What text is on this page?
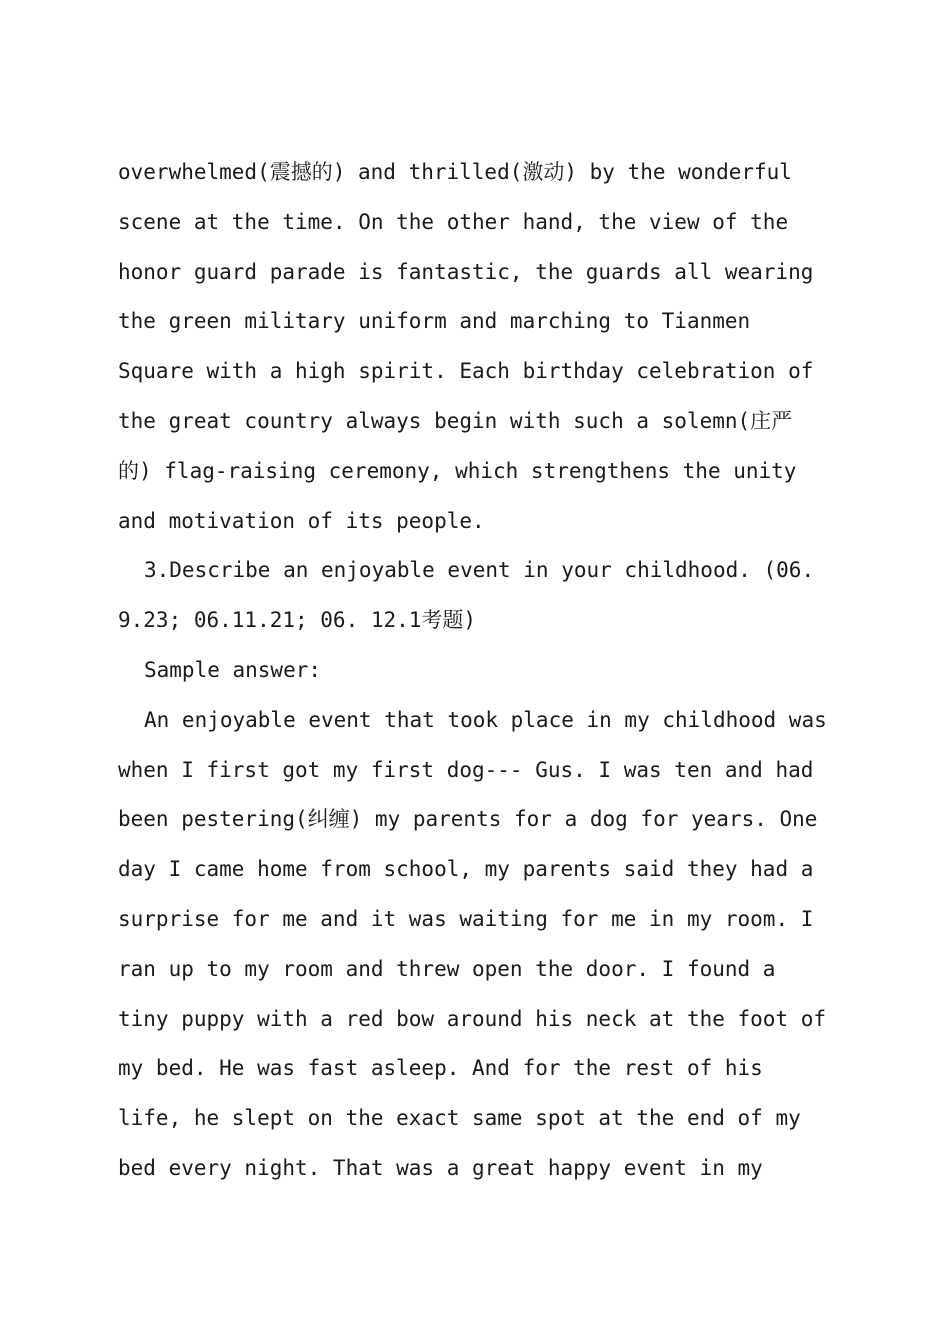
overwhelmed(震撼的) and thrilled(激动) by the wonderful
scene at the time. On the other hand, the view of the
honor guard parade is fantastic, the guards all wearing
the green military uniform and marching to Tianmen
Square with a high spirit. Each birthday celebration of
the great country always begin with such a solemn(庄严
的) flag-raising ceremony, which strengthens the unity
and motivation of its people.
3.Describe an enjoyable event in your childhood. (06.
9.23; 06.11.21; 06. 12.1考题)
Sample answer:
An enjoyable event that took place in my childhood was
when I first got my first dog--- Gus. I was ten and had
been pestering(纠缠) my parents for a dog for years. One
day I came home from school, my parents said they had a
surprise for me and it was waiting for me in my room. I
ran up to my room and threw open the door. I found a
tiny puppy with a red bow around his neck at the foot of
my bed. He was fast asleep. And for the rest of his
life, he slept on the exact same spot at the end of my
bed every night. That was a great happy event in my
